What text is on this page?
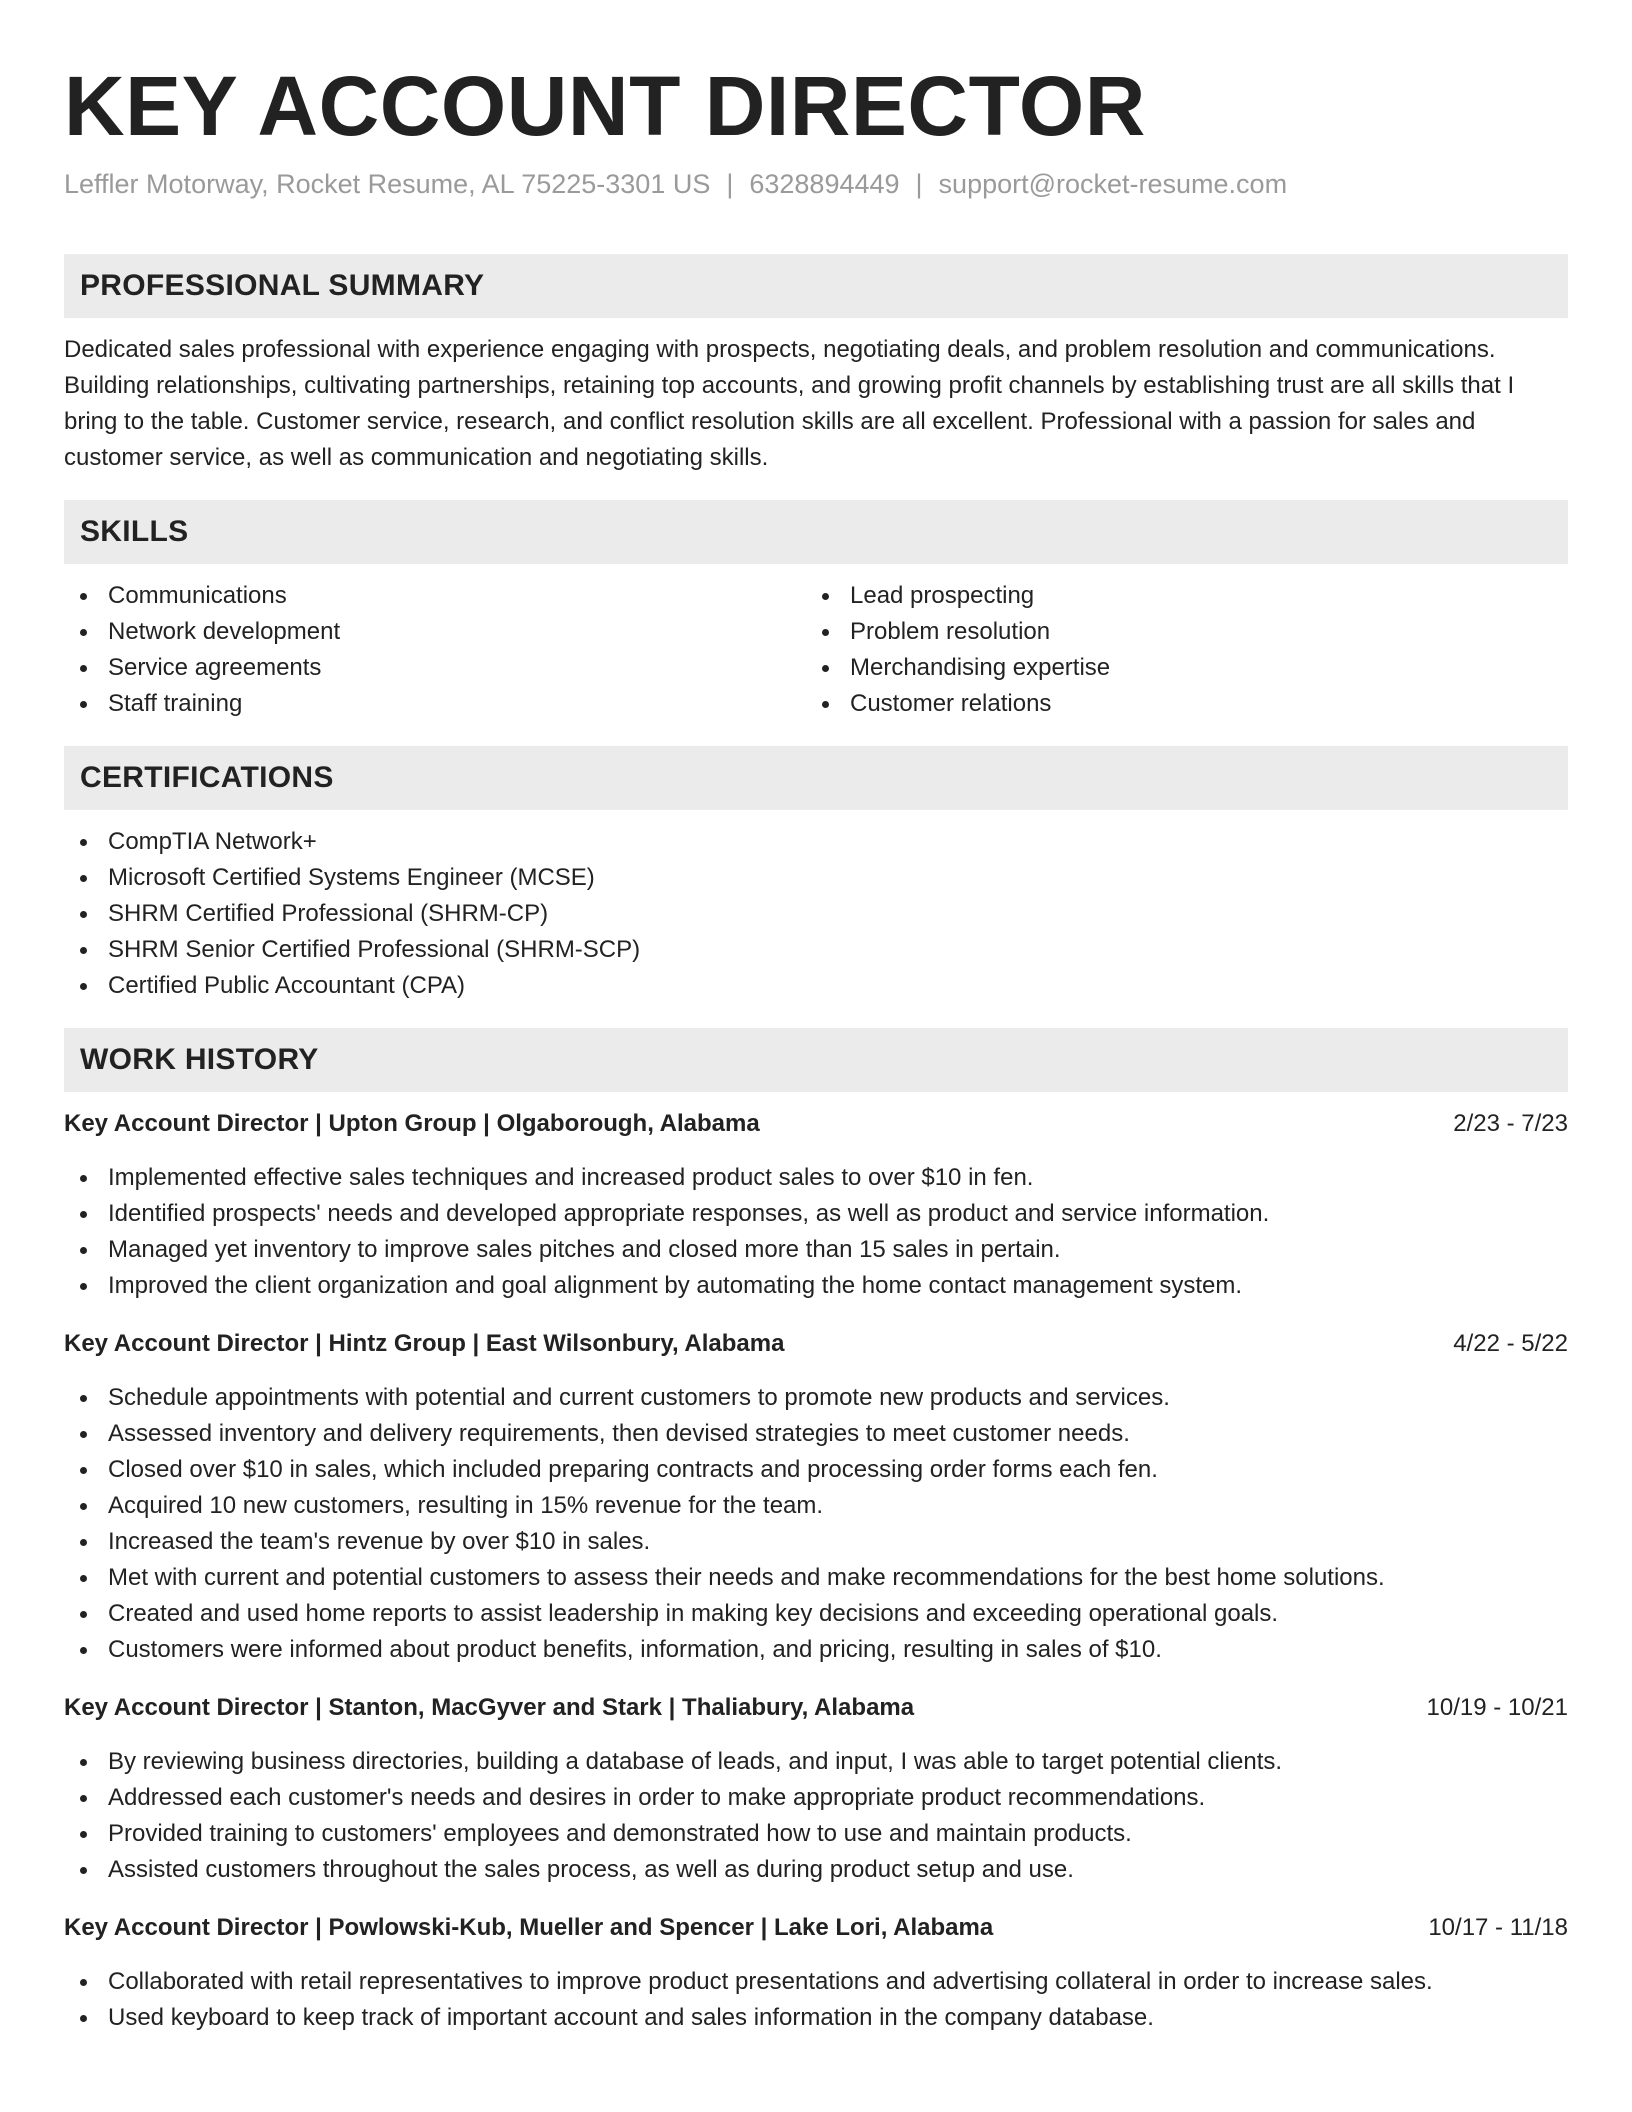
KEY ACCOUNT DIRECTOR
Leffler Motorway, Rocket Resume, AL 75225-3301 US | 6328894449 | support@rocket-resume.com
PROFESSIONAL SUMMARY
Dedicated sales professional with experience engaging with prospects, negotiating deals, and problem resolution and communications. Building relationships, cultivating partnerships, retaining top accounts, and growing profit channels by establishing trust are all skills that I bring to the table. Customer service, research, and conflict resolution skills are all excellent. Professional with a passion for sales and customer service, as well as communication and negotiating skills.
SKILLS
Communications
Network development
Service agreements
Staff training
Lead prospecting
Problem resolution
Merchandising expertise
Customer relations
CERTIFICATIONS
CompTIA Network+
Microsoft Certified Systems Engineer (MCSE)
SHRM Certified Professional (SHRM-CP)
SHRM Senior Certified Professional (SHRM-SCP)
Certified Public Accountant (CPA)
WORK HISTORY
Key Account Director | Upton Group | Olgaborough, Alabama	2/23 - 7/23
Implemented effective sales techniques and increased product sales to over $10 in fen.
Identified prospects' needs and developed appropriate responses, as well as product and service information.
Managed yet inventory to improve sales pitches and closed more than 15 sales in pertain.
Improved the client organization and goal alignment by automating the home contact management system.
Key Account Director | Hintz Group | East Wilsonbury, Alabama	4/22 - 5/22
Schedule appointments with potential and current customers to promote new products and services.
Assessed inventory and delivery requirements, then devised strategies to meet customer needs.
Closed over $10 in sales, which included preparing contracts and processing order forms each fen.
Acquired 10 new customers, resulting in 15% revenue for the team.
Increased the team's revenue by over $10 in sales.
Met with current and potential customers to assess their needs and make recommendations for the best home solutions.
Created and used home reports to assist leadership in making key decisions and exceeding operational goals.
Customers were informed about product benefits, information, and pricing, resulting in sales of $10.
Key Account Director | Stanton, MacGyver and Stark | Thaliabury, Alabama	10/19 - 10/21
By reviewing business directories, building a database of leads, and input, I was able to target potential clients.
Addressed each customer's needs and desires in order to make appropriate product recommendations.
Provided training to customers' employees and demonstrated how to use and maintain products.
Assisted customers throughout the sales process, as well as during product setup and use.
Key Account Director | Powlowski-Kub, Mueller and Spencer | Lake Lori, Alabama	10/17 - 11/18
Collaborated with retail representatives to improve product presentations and advertising collateral in order to increase sales.
Used keyboard to keep track of important account and sales information in the company database.
